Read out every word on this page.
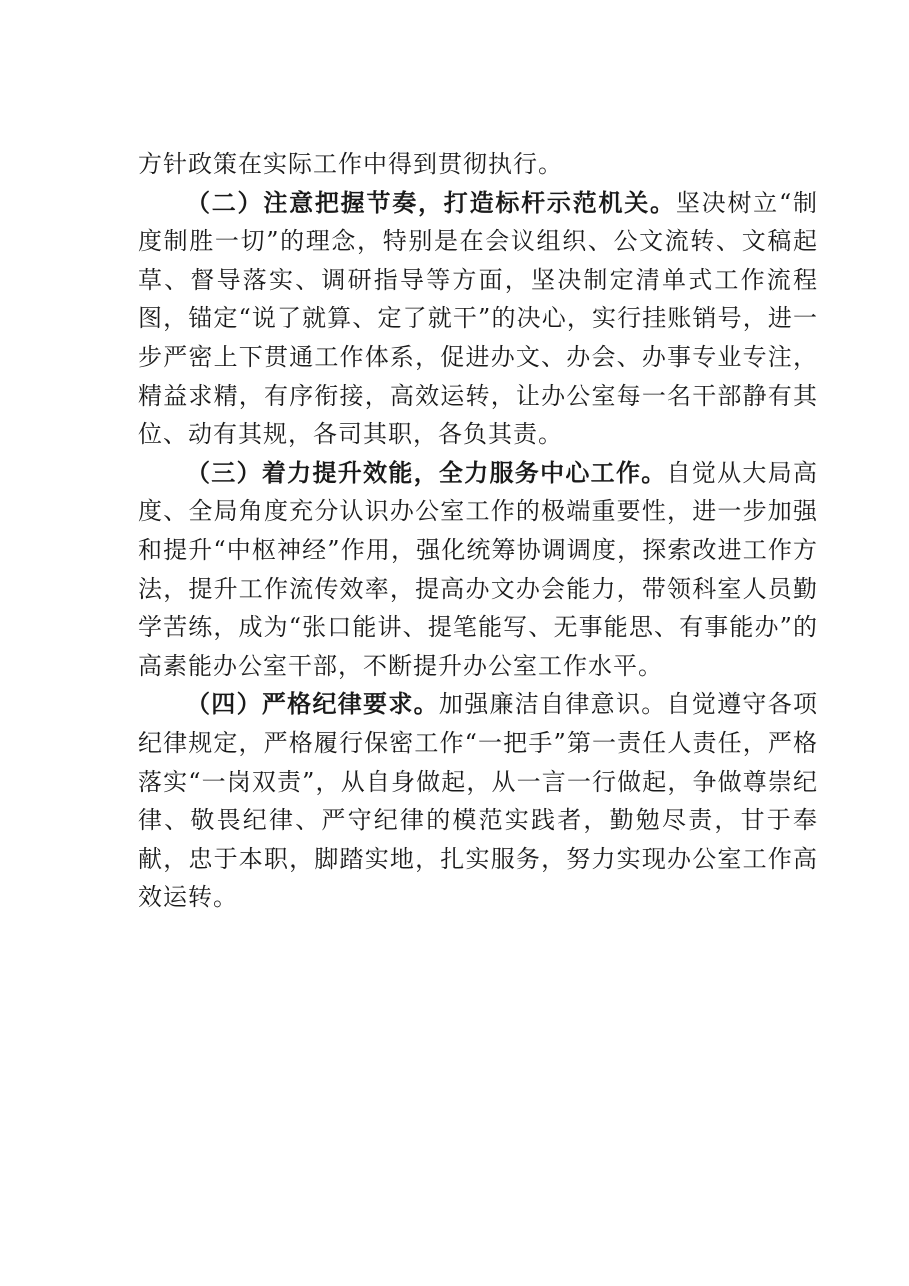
方针政策在实际工作中得到贯彻执行。

（二）注意把握节奏，打造标杆示范机关。坚决树立“制度制胜一切”的理念，特别是在会议组织、公文流转、文稿起草、督导落实、调研指导等方面，坚决制定清单式工作流程图，锚定“说了就算、定了就干”的决心，实行挂账销号，进一步严密上下贯通工作体系，促进办文、办会、办事专业专注，精益求精，有序衔接，高效运转，让办公室每一名干部静有其位、动有其规，各司其职，各负其责。

（三）着力提升效能，全力服务中心工作。自觉从大局高度、全局角度充分认识办公室工作的极端重要性，进一步加强和提升“中枢神经”作用，强化统筹协调调度，探索改进工作方法，提升工作流传效率，提高办文办会能力，带领科室人员勤学苦练，成为“张口能讲、提笔能写、无事能思、有事能办”的高素能办公室干部，不断提升办公室工作水平。

（四）严格纪律要求。加强廉洁自律意识。自觉遵守各项纪律规定，严格履行保密工作“一把手”第一责任人责任，严格落实“一岗双责”，从自身做起，从一言一行做起，争做尊崇纪律、敬畏纪律、严守纪律的模范实践者，勤勉尽责，甘于奉献，忠于本职，脚踏实地，扎实服务，努力实现办公室工作高效运转。
